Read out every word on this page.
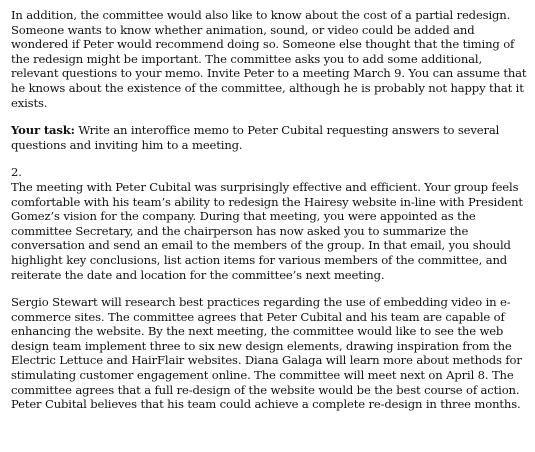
In addition, the committee would also like to know about the cost of a partial redesign. Someone wants to know whether animation, sound, or video could be added and wondered if Peter would recommend doing so. Someone else thought that the timing of the redesign might be important. The committee asks you to add some additional, relevant questions to your memo. Invite Peter to a meeting March 9. You can assume that he knows about the existence of the committee, although he is probably not happy that it exists.

Your task: Write an interoffice memo to Peter Cubital requesting answers to several questions and inviting him to a meeting.

2.

The meeting with Peter Cubital was surprisingly effective and efficient. Your group feels comfortable with his team’s ability to redesign the Hairesy website in-line with President Gomez’s vision for the company. During that meeting, you were appointed as the committee Secretary, and the chairperson has now asked you to summarize the conversation and send an email to the members of the group. In that email, you should highlight key conclusions, list action items for various members of the committee, and reiterate the date and location for the committee’s next meeting.

Sergio Stewart will research best practices regarding the use of embedding video in e-commerce sites. The committee agrees that Peter Cubital and his team are capable of enhancing the website. By the next meeting, the committee would like to see the web design team implement three to six new design elements, drawing inspiration from the Electric Lettuce and HairFlair websites. Diana Galaga will learn more about methods for stimulating customer engagement online. The committee will meet next on April 8. The committee agrees that a full re-design of the website would be the best course of action. Peter Cubital believes that his team could achieve a complete re-design in three months.
